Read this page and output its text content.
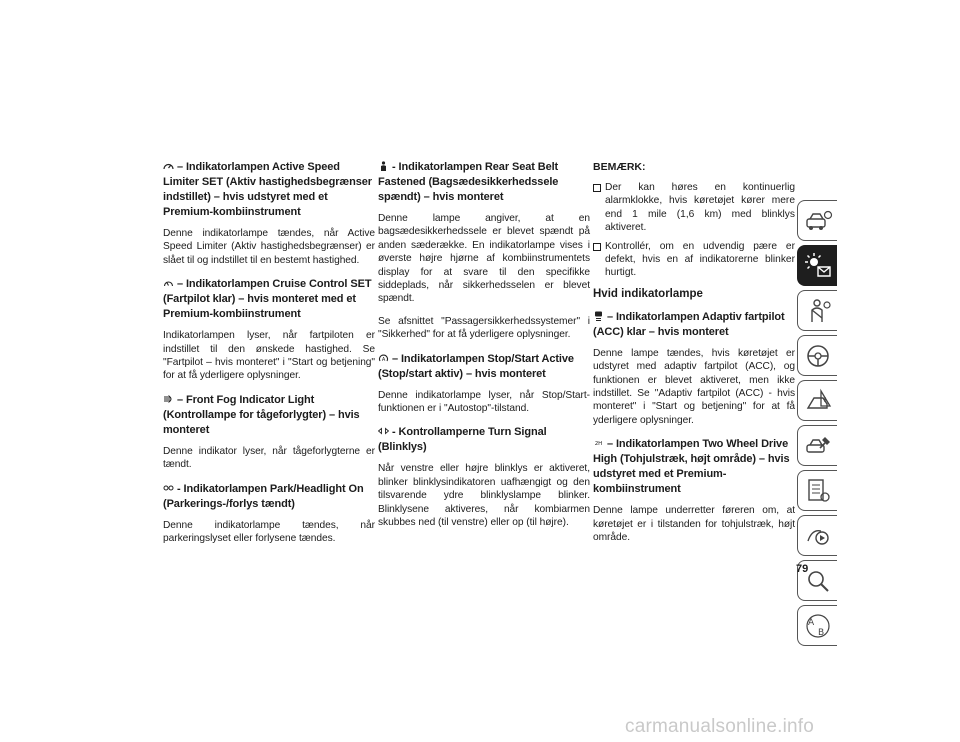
– Indikatorlampen Active Speed Limiter SET (Aktiv hastighedsbegrænser indstillet) – hvis udstyret med et Premium-kombiinstrument

Denne indikatorlampe tændes, når Active Speed Limiter (Aktiv hastighedsbegrænser) er slået til og indstillet til en bestemt hastighed.

– Indikatorlampen Cruise Control SET (Fartpilot klar) – hvis monteret med et Premium-kombiinstrument

Indikatorlampen lyser, når fartpiloten er indstillet til den ønskede hastighed. Se "Fartpilot – hvis monteret" i "Start og betjening" for at få yderligere oplysninger.

– Front Fog Indicator Light (Kontrollampe for tågeforlygter) – hvis monteret

Denne indikator lyser, når tågeforlygterne er tændt.

- Indikatorlampen Park/Headlight On (Parkerings-/forlys tændt)

Denne indikatorlampe tændes, når parkeringslyset eller forlysene tændes.

- Indikatorlampen Rear Seat Belt Fastened (Bagsædesikkerhedssele spændt) – hvis monteret

Denne lampe angiver, at en bagsædesikkerhedssele er blevet spændt på anden sæderække. En indikatorlampe vises i øverste højre hjørne af kombiinstrumentets display for at svare til den specifikke siddeplads, når sikkerhedsselen er blevet spændt.

Se afsnittet "Passagersikkerhedssystemer" i "Sikkerhed" for at få yderligere oplysninger.

A – Indikatorlampen Stop/Start Active (Stop/start aktiv) – hvis monteret

Denne indikatorlampe lyser, når Stop/Start-funktionen er i "Autostop"-tilstand.

- Kontrollamperne Turn Signal (Blinklys)

Når venstre eller højre blinklys er aktiveret, blinker blinklysindikatoren uafhængigt og den tilsvarende ydre blinklyslampe blinker. Blinklysene aktiveres, når kombiarmen skubbes ned (til venstre) eller op (til højre).

BEMÆRK:
Der kan høres en kontinuerlig alarmklokke, hvis køretøjet kører mere end 1 mile (1,6 km) med blinklys aktiveret.
Kontrollér, om en udvendig pære er defekt, hvis en af indikatorerne blinker hurtigt.
Hvid indikatorlampe
– Indikatorlampen Adaptiv fartpilot (ACC) klar – hvis monteret

Denne lampe tændes, hvis køretøjet er udstyret med adaptiv fartpilot (ACC), og funktionen er blevet aktiveret, men ikke indstillet. Se "Adaptiv fartpilot (ACC) - hvis monteret" i "Start og betjening" for at få yderligere oplysninger.

2H – Indikatorlampen Two Wheel Drive High (Tohjulstræk, højt område) – hvis udstyret med et Premium-kombiinstrument

Denne lampe underretter føreren om, at køretøjet er i tilstanden for tohjulstræk, højt område.

A
B
79
carmanualsonline.info
